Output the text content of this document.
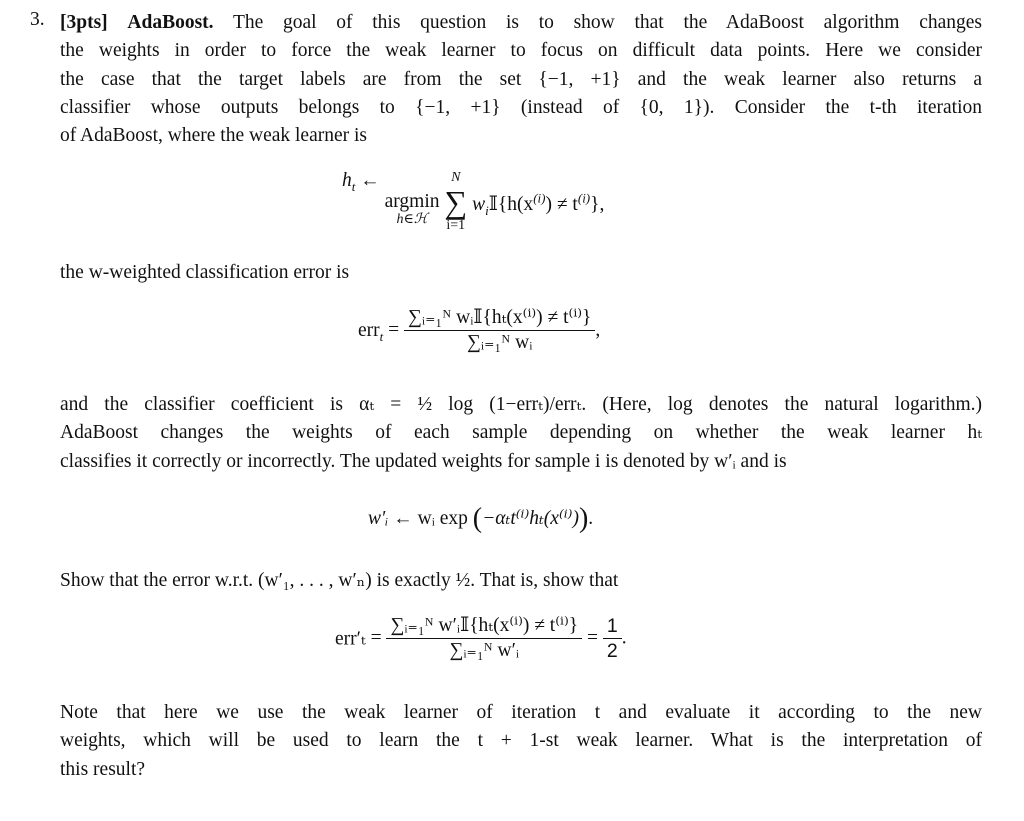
3. [3pts] AdaBoost. The goal of this question is to show that the AdaBoost algorithm changes
the weights in order to force the weak learner to focus on difficult data points. Here we consider
the case that the target labels are from the set {−1, +1} and the weak learner also returns a
classifier whose outputs belongs to {−1, +1} (instead of {0, 1}). Consider the t-th iteration
of AdaBoost, where the weak learner is
$h_t$ ←
argmin
h∈ℋ

N
∑
i=1
$w_i𝕀\{h(x^{(i)}) \ne t^{(i)}\}$,
the w-weighted classification error is
$err_t = \frac{\text{∑ᵢ₌₁ᴺ wᵢ𝕀\{hₜ(x⁽ⁱ⁾) ≠ t⁽ⁱ⁾\}}}{\text{∑ᵢ₌₁ᴺ wᵢ}}$ ,
and the classifier coefficient is αₜ = ½ log (1−errₜ)/errₜ. (Here, log denotes the natural logarithm.)
AdaBoost changes the weights of each sample depending on whether the weak learner hₜ
classifies it correctly or incorrectly. The updated weights for sample i is denoted by w′ᵢ and is
w′ᵢ ← wᵢ exp (−αₜt⁽ⁱ⁾hₜ(x⁽ⁱ⁾)).
Show that the error w.r.t. (w′₁, . . . , w′ₙ) is exactly ½. That is, show that
$err'_t = \frac{\text{∑ᵢ₌₁ᴺ w′ᵢ𝕀\{hₜ(x⁽ⁱ⁾) ≠ t⁽ⁱ⁾\}}}{\text{∑ᵢ₌₁ᴺ w′ᵢ}} = \frac{1}{2}$ .
Note that here we use the weak learner of iteration t and evaluate it according to the new
weights, which will be used to learn the t + 1-st weak learner. What is the interpretation of
this result?
